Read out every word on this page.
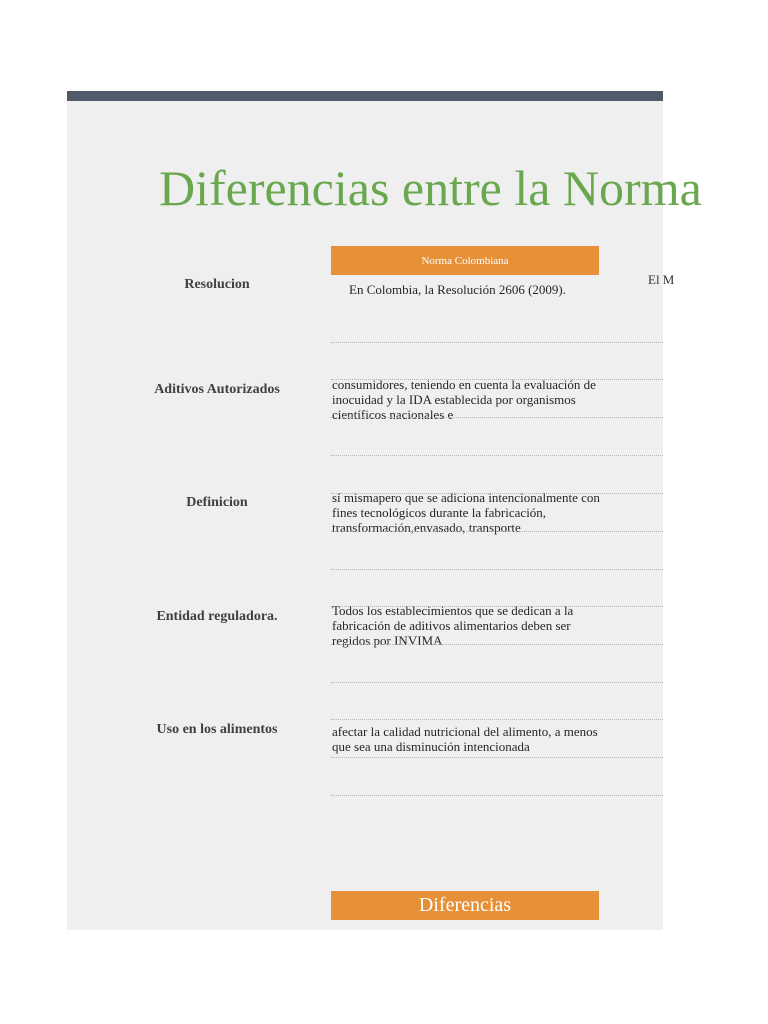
Diferencias entre la Norma
Norma Colombiana
El M
Resolucion	En Colombia, la Resolución 2606 (2009).
Aditivos Autorizados	consumidores, teniendo en cuenta la evaluación de inocuidad y la IDA establecida por organismos científicos nacionales e
Definicion	sí mismapero que se adiciona intencionalmente con fines tecnológicos durante la fabricación, transformación,envasado, transporte
Entidad reguladora.	Todos los establecimientos que se dedican a la fabricación de aditivos alimentarios deben ser regidos por INVIMA
Uso en los alimentos	afectar la calidad nutricional del alimento, a menos que sea una disminución intencionada
Diferencias
